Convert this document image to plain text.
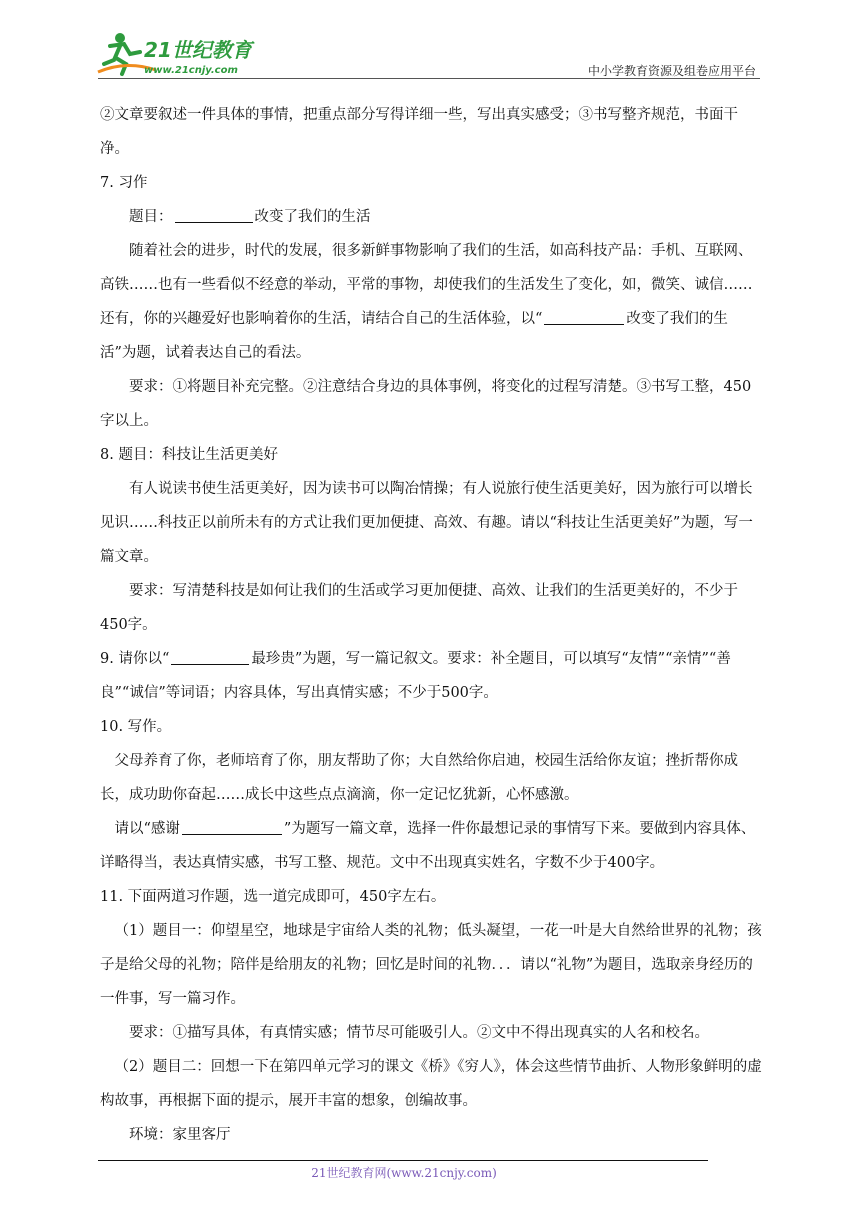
21世纪教育
www.21cnjy.com	中小学教育资源及组卷应用平台

②文章要叙述一件具体的事情，把重点部分写得详细一些，写出真实感受；③书写整齐规范，书面干净。

7. 习作

题目：	改变了我们的生活

随着社会的进步，时代的发展，很多新鲜事物影响了我们的生活，如高科技产品：手机、互联网、高铁……也有一些看似不经意的举动，平常的事物，却使我们的生活发生了变化，如，微笑、诚信……还有，你的兴趣爱好也影响着你的生活，请结合自己的生活体验，以“	改变了我们的生活”为题，试着表达自己的看法。

要求：①将题目补充完整。②注意结合身边的具体事例，将变化的过程写清楚。③书写工整，450字以上。

8. 题目：科技让生活更美好

有人说读书使生活更美好，因为读书可以陶冶情操；有人说旅行使生活更美好，因为旅行可以增长见识……科技正以前所未有的方式让我们更加便捷、高效、有趣。请以“科技让生活更美好”为题，写一篇文章。

要求：写清楚科技是如何让我们的生活或学习更加便捷、高效、让我们的生活更美好的，不少于450字。

9. 请你以“	最珍贵”为题，写一篇记叙文。要求：补全题目，可以填写“友情”“亲情”“善良”“诚信”等词语；内容具体，写出真情实感；不少于500字。

10. 写作。

父母养育了你，老师培育了你，朋友帮助了你；大自然给你启迪，校园生活给你友谊；挫折帮你成长，成功助你奋起……成长中这些点点滴滴，你一定记忆犹新，心怀感激。

请以“感谢	”为题写一篇文章，选择一件你最想记录的事情写下来。要做到内容具体、详略得当，表达真情实感，书写工整、规范。文中不出现真实姓名，字数不少于400字。

11. 下面两道习作题，选一道完成即可，450字左右。

（1）题目一：仰望星空，地球是宇宙给人类的礼物；低头凝望，一花一叶是大自然给世界的礼物；孩子是给父母的礼物；陪伴是给朋友的礼物；回忆是时间的礼物．．．请以“礼物”为题目，选取亲身经历的一件事，写一篇习作。

要求：①描写具体，有真情实感；情节尽可能吸引人。②文中不得出现真实的人名和校名。

（2）题目二：回想一下在第四单元学习的课文《桥》《穷人》，体会这些情节曲折、人物形象鲜明的虚构故事，再根据下面的提示，展开丰富的想象，创编故事。

环境：家里客厅

21世纪教育网(www.21cnjy.com)
